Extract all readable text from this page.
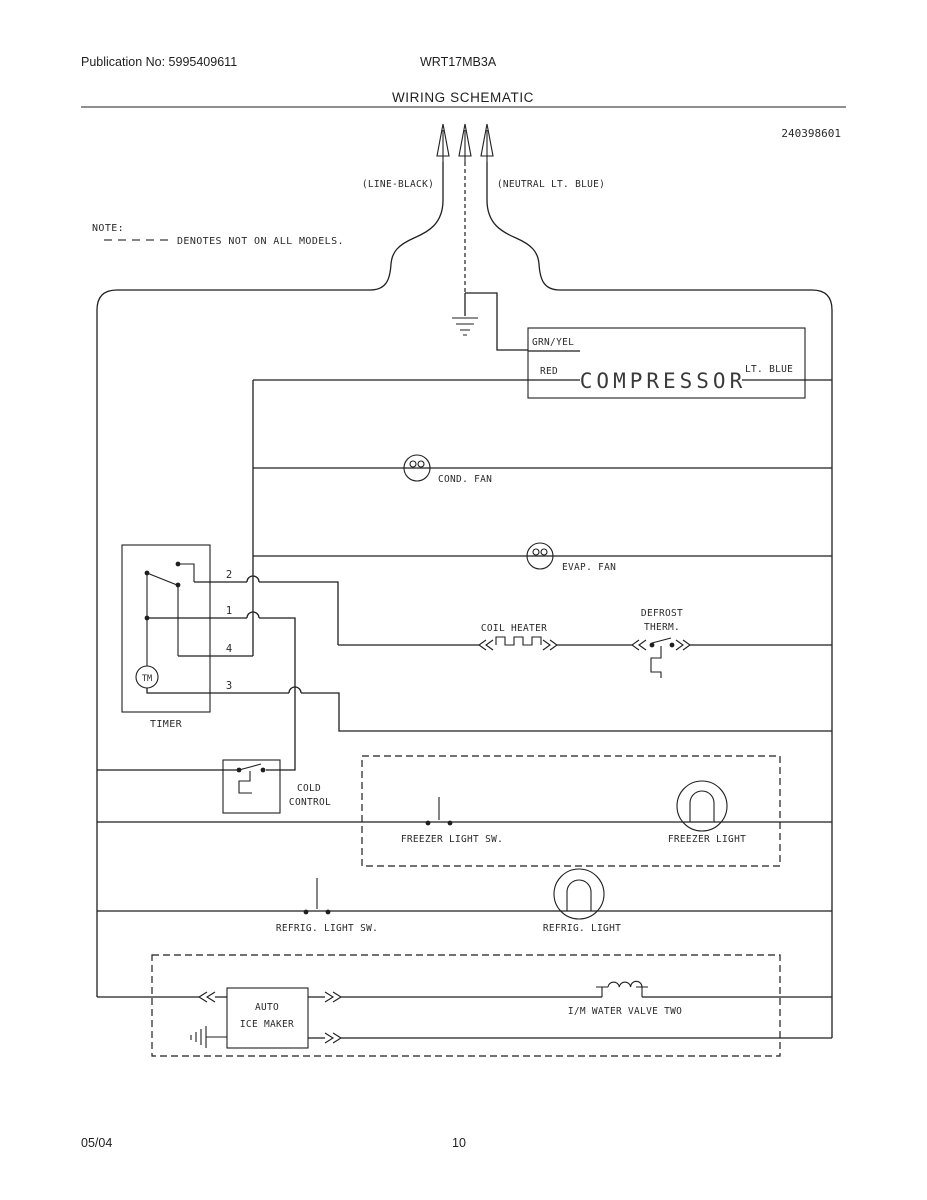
Publication No: 5995409611	WRT17MB3A
WIRING SCHEMATIC
240398601
NOTE:
DENOTES NOT ON ALL MODELS.
(LINE-BLACK)	(NEUTRAL LT. BLUE)
GRN/YEL
RED COMPRESSOR
LT. BLUE
COND. FAN
EVAP. FAN
TM
2
1
4
3
TIMER
COIL HEATER
DEFROST
THERM.
COLD
CONTROL
FREEZER LIGHT SW.	FREEZER LIGHT
REFRIG. LIGHT SW.	REFRIG. LIGHT
AUTO
ICE MAKER
I/M WATER VALVE TWO
05/04	10
